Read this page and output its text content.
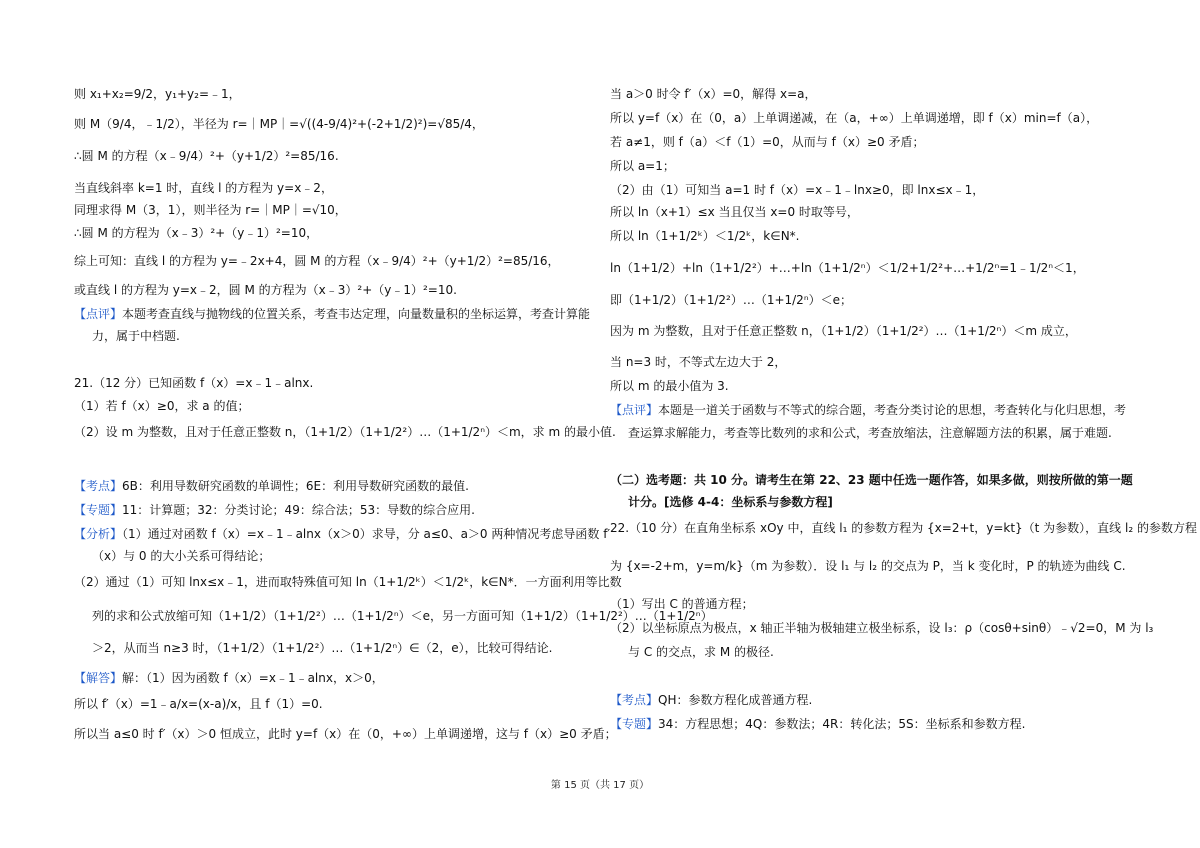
则 x₁+x₂=9/2，y₁+y₂=﹣1，
则 M（9/4，﹣1/2），半径为 r=｜MP｜=√((4-9/4)²+(-2+1/2)²)=√85/4，
∴圆 M 的方程（x﹣9/4）²+（y+1/2）²=85/16.
当直线斜率 k=1 时，直线 l 的方程为 y=x﹣2，
同理求得 M（3，1），则半径为 r=｜MP｜=√10，
∴圆 M 的方程为（x﹣3）²+（y﹣1）²=10，
综上可知：直线 l 的方程为 y=﹣2x+4，圆 M 的方程（x﹣9/4）²+（y+1/2）²=85/16，
或直线 l 的方程为 y=x﹣2，圆 M 的方程为（x﹣3）²+（y﹣1）²=10.
【点评】本题考查直线与抛物线的位置关系，考查韦达定理，向量数量积的坐标运算，考查计算能
力，属于中档题.
21.（12 分）已知函数 f（x）=x﹣1﹣alnx.
（1）若 f（x）≥0，求 a 的值；
（2）设 m 为整数，且对于任意正整数 n，（1+1/2）（1+1/2²）…（1+1/2ⁿ）＜m，求 m 的最小值.
【考点】6B：利用导数研究函数的单调性；6E：利用导数研究函数的最值.
【专题】11：计算题；32：分类讨论；49：综合法；53：导数的综合应用.
【分析】（1）通过对函数 f（x）=x﹣1﹣alnx（x＞0）求导，分 a≤0、a＞0 两种情况考虑导函数 f′
（x）与 0 的大小关系可得结论；
（2）通过（1）可知 lnx≤x﹣1，进而取特殊值可知 ln（1+1/2ᵏ）＜1/2ᵏ，k∈N*．一方面利用等比数
列的求和公式放缩可知（1+1/2）（1+1/2²）…（1+1/2ⁿ）＜e，另一方面可知（1+1/2）（1+1/2²）…（1+1/2ⁿ）
＞2，从而当 n≥3 时，（1+1/2）（1+1/2²）…（1+1/2ⁿ）∈（2，e），比较可得结论.
【解答】解：（1）因为函数 f（x）=x﹣1﹣alnx，x＞0，
所以 f′（x）=1﹣a/x=(x-a)/x，且 f（1）=0.
所以当 a≤0 时 f′（x）＞0 恒成立，此时 y=f（x）在（0，+∞）上单调递增，这与 f（x）≥0 矛盾；
当 a＞0 时令 f′（x）=0，解得 x=a，
所以 y=f（x）在（0，a）上单调递减，在（a，+∞）上单调递增，即 f（x）min=f（a），
若 a≠1，则 f（a）＜f（1）=0，从而与 f（x）≥0 矛盾；
所以 a=1；
（2）由（1）可知当 a=1 时 f（x）=x﹣1﹣lnx≥0，即 lnx≤x﹣1，
所以 ln（x+1）≤x 当且仅当 x=0 时取等号，
所以 ln（1+1/2ᵏ）＜1/2ᵏ，k∈N*.
ln（1+1/2）+ln（1+1/2²）+…+ln（1+1/2ⁿ）＜1/2+1/2²+…+1/2ⁿ=1﹣1/2ⁿ＜1，
即（1+1/2）（1+1/2²）…（1+1/2ⁿ）＜e；
因为 m 为整数，且对于任意正整数 n，（1+1/2）（1+1/2²）…（1+1/2ⁿ）＜m 成立，
当 n=3 时，不等式左边大于 2，
所以 m 的最小值为 3.
【点评】本题是一道关于函数与不等式的综合题，考查分类讨论的思想，考查转化与化归思想，考
查运算求解能力，考查等比数列的求和公式，考查放缩法，注意解题方法的积累，属于难题.
（二）选考题：共 10 分。请考生在第 22、23 题中任选一题作答，如果多做，则按所做的第一题
计分。[选修 4-4：坐标系与参数方程]
22.（10 分）在直角坐标系 xOy 中，直线 l₁ 的参数方程为 {x=2+t，y=kt}（t 为参数），直线 l₂ 的参数方程
为 {x=-2+m，y=m/k}（m 为参数）．设 l₁ 与 l₂ 的交点为 P，当 k 变化时，P 的轨迹为曲线 C.
（1）写出 C 的普通方程；
（2）以坐标原点为极点，x 轴正半轴为极轴建立极坐标系，设 l₃：ρ（cosθ+sinθ）﹣√2=0，M 为 l₃
与 C 的交点，求 M 的极径.
【考点】QH：参数方程化成普通方程.
【专题】34：方程思想；4Q：参数法；4R：转化法；5S：坐标系和参数方程.
第 15 页（共 17 页）
